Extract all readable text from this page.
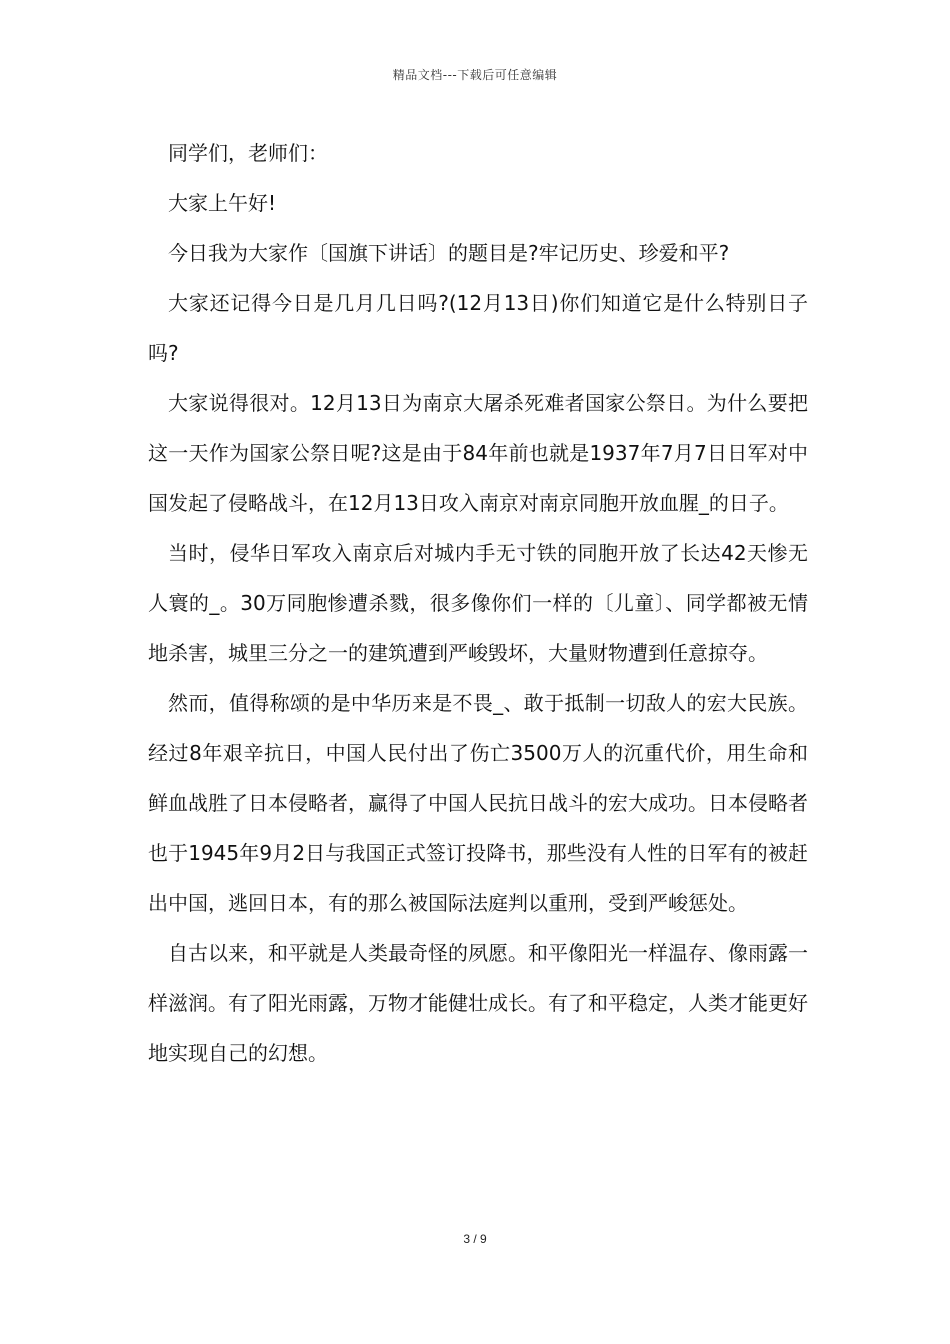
精品文档---下载后可任意编辑

同学们，老师们：

大家上午好!

今日我为大家作〔国旗下讲话〕的题目是?牢记历史、珍爱和平?

大家还记得今日是几月几日吗?(12月13日)你们知道它是什么特别日子吗?

大家说得很对。12月13日为南京大屠杀死难者国家公祭日。为什么要把这一天作为国家公祭日呢?这是由于84年前也就是1937年7月7日日军对中国发起了侵略战斗，在12月13日攻入南京对南京同胞开放血腥_的日子。

当时，侵华日军攻入南京后对城内手无寸铁的同胞开放了长达42天惨无人寰的_。30万同胞惨遭杀戮，很多像你们一样的〔儿童〕、同学都被无情地杀害，城里三分之一的建筑遭到严峻毁坏，大量财物遭到任意掠夺。

然而，值得称颂的是中华历来是不畏_、敢于抵制一切敌人的宏大民族。经过8年艰辛抗日，中国人民付出了伤亡3500万人的沉重代价，用生命和鲜血战胜了日本侵略者，赢得了中国人民抗日战斗的宏大成功。日本侵略者也于1945年9月2日与我国正式签订投降书，那些没有人性的日军有的被赶出中国，逃回日本，有的那么被国际法庭判以重刑，受到严峻惩处。

自古以来，和平就是人类最奇怪的夙愿。和平像阳光一样温存、像雨露一样滋润。有了阳光雨露，万物才能健壮成长。有了和平稳定，人类才能更好地实现自己的幻想。

3 / 9
